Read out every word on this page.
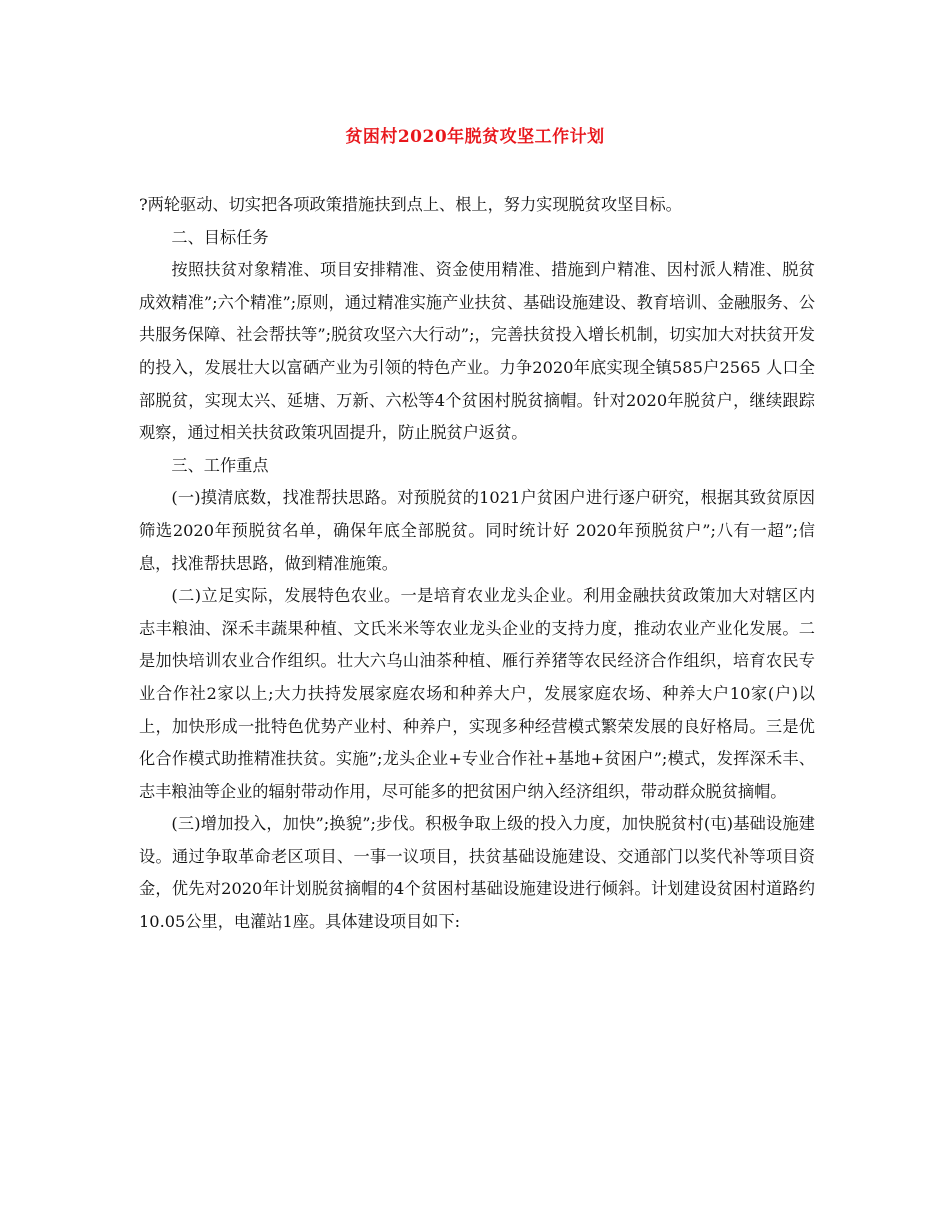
贫困村2020年脱贫攻坚工作计划

?两轮驱动、切实把各项政策措施扶到点上、根上，努力实现脱贫攻坚目标。

二、目标任务

按照扶贫对象精准、项目安排精准、资金使用精准、措施到户精准、因村派人精准、脱贫成效精准”;六个精准”;原则，通过精准实施产业扶贫、基础设施建设、教育培训、金融服务、公共服务保障、社会帮扶等”;脱贫攻坚六大行动”;，完善扶贫投入增长机制，切实加大对扶贫开发的投入，发展壮大以富硒产业为引领的特色产业。力争2020年底实现全镇585户2565 人口全部脱贫，实现太兴、延塘、万新、六松等4个贫困村脱贫摘帽。针对2020年脱贫户，继续跟踪观察，通过相关扶贫政策巩固提升，防止脱贫户返贫。

三、工作重点

(一)摸清底数，找准帮扶思路。对预脱贫的1021户贫困户进行逐户研究，根据其致贫原因筛选2020年预脱贫名单，确保年底全部脱贫。同时统计好 2020年预脱贫户”;八有一超”;信息，找准帮扶思路，做到精准施策。

(二)立足实际，发展特色农业。一是培育农业龙头企业。利用金融扶贫政策加大对辖区内志丰粮油、深禾丰蔬果种植、文氏米米等农业龙头企业的支持力度，推动农业产业化发展。二是加快培训农业合作组织。壮大六乌山油茶种植、雁行养猪等农民经济合作组织，培育农民专业合作社2家以上;大力扶持发展家庭农场和种养大户，发展家庭农场、种养大户10家(户)以上，加快形成一批特色优势产业村、种养户，实现多种经营模式繁荣发展的良好格局。三是优化合作模式助推精准扶贫。实施”;龙头企业+专业合作社+基地+贫困户”;模式，发挥深禾丰、志丰粮油等企业的辐射带动作用，尽可能多的把贫困户纳入经济组织，带动群众脱贫摘帽。

(三)增加投入，加快”;换貌”;步伐。积极争取上级的投入力度，加快脱贫村(屯)基础设施建设。通过争取革命老区项目、一事一议项目，扶贫基础设施建设、交通部门以奖代补等项目资金，优先对2020年计划脱贫摘帽的4个贫困村基础设施建设进行倾斜。计划建设贫困村道路约10.05公里，电灌站1座。具体建设项目如下:
